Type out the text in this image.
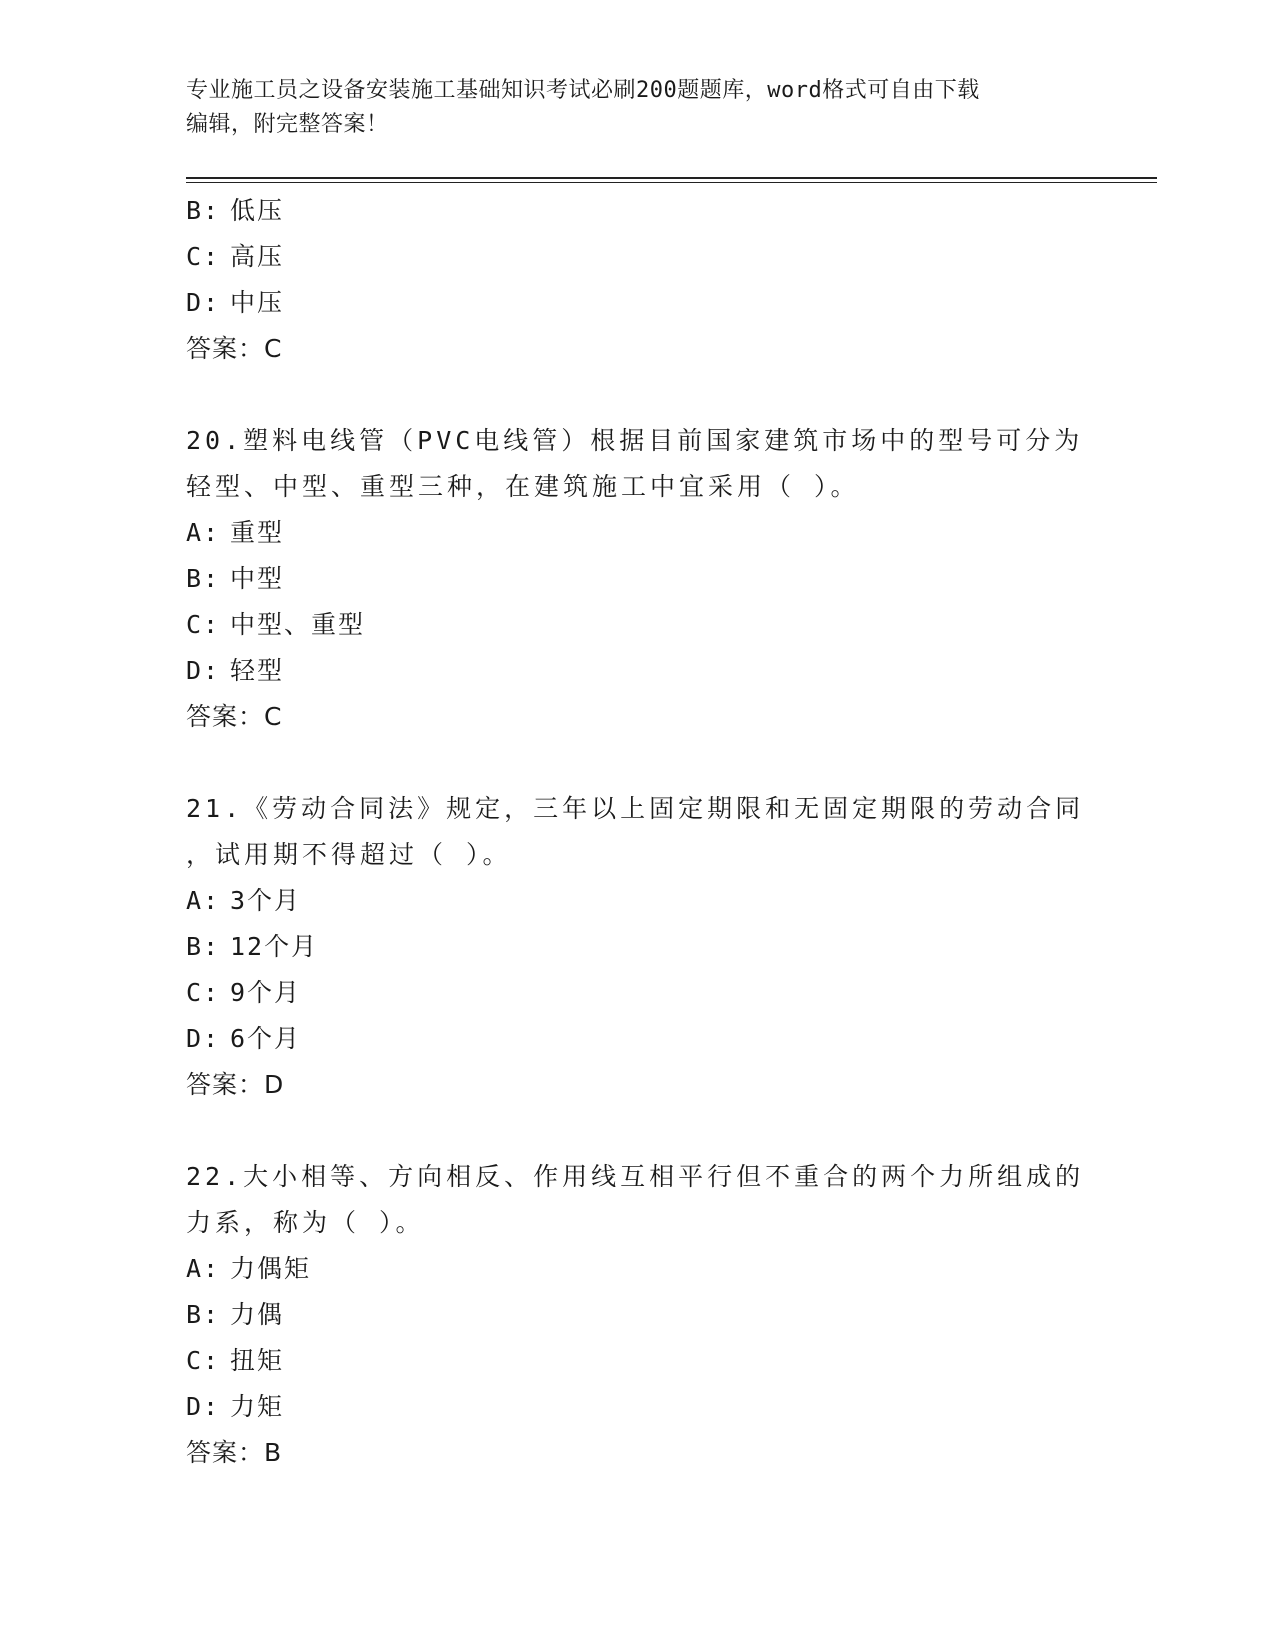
专业施工员之设备安装施工基础知识考试必刷200题题库，word格式可自由下载
编辑，附完整答案！
B: 低压
C: 高压
D: 中压
答案：C
20.塑料电线管（PVC电线管）根据目前国家建筑市场中的型号可分为
轻型、中型、重型三种，在建筑施工中宜采用（ ）。
A: 重型
B: 中型
C: 中型、重型
D: 轻型
答案：C
21.《劳动合同法》规定，三年以上固定期限和无固定期限的劳动合同
，试用期不得超过（ ）。
A: 3个月
B: 12个月
C: 9个月
D: 6个月
答案：D
22.大小相等、方向相反、作用线互相平行但不重合的两个力所组成的
力系，称为（ ）。
A: 力偶矩
B: 力偶
C: 扭矩
D: 力矩
答案：B
